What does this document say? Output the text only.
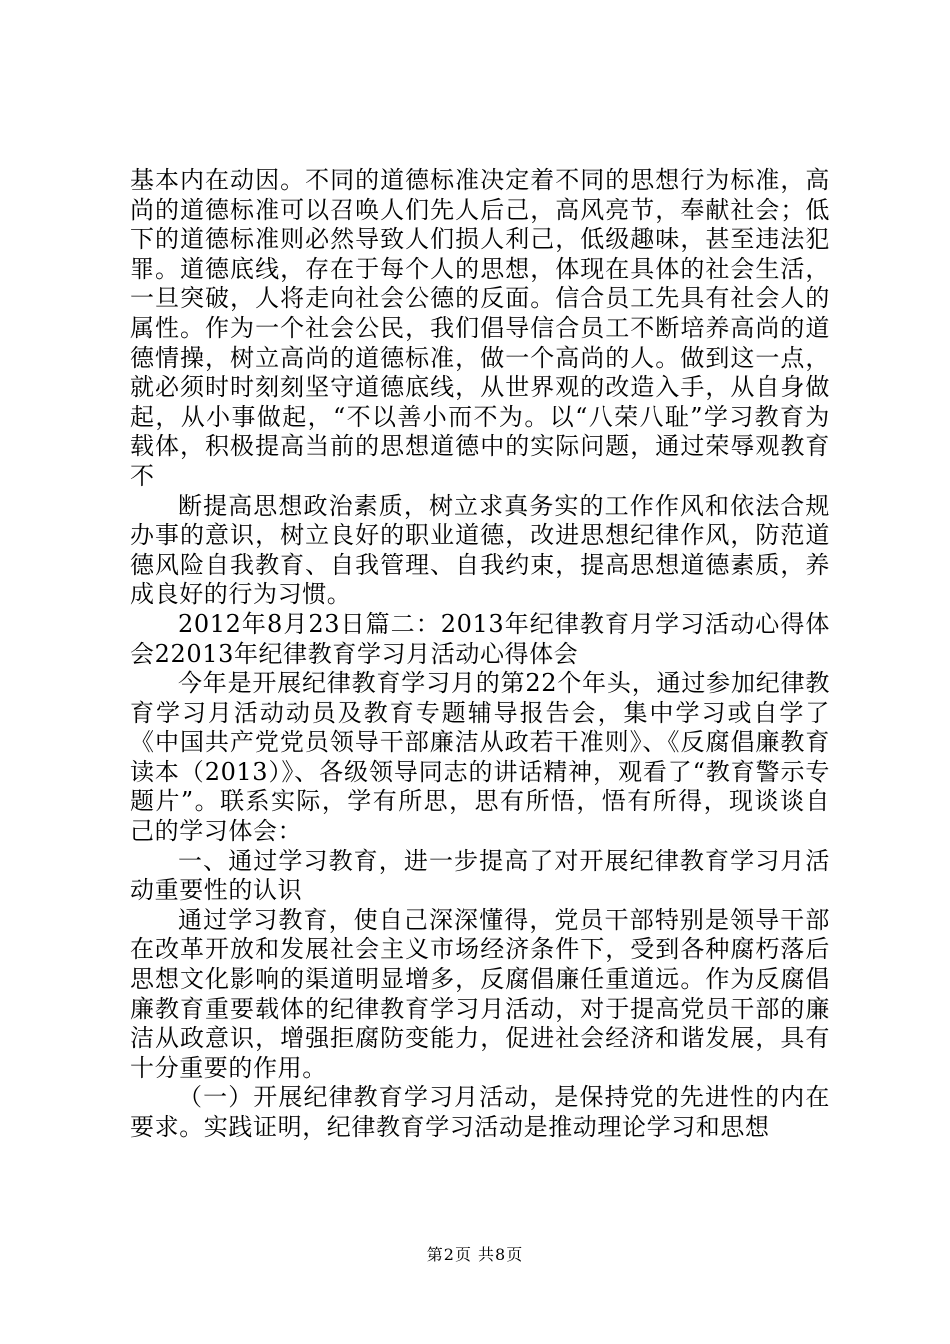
基本内在动因。不同的道德标准决定着不同的思想行为标准，高尚的道德标准可以召唤人们先人后己，高风亮节，奉献社会；低下的道德标准则必然导致人们损人利己，低级趣味，甚至违法犯罪。道德底线，存在于每个人的思想，体现在具体的社会生活，一旦突破，人将走向社会公德的反面。信合员工先具有社会人的属性。作为一个社会公民，我们倡导信合员工不断培养高尚的道德情操，树立高尚的道德标准，做一个高尚的人。做到这一点，就必须时时刻刻坚守道德底线，从世界观的改造入手，从自身做起，从小事做起，“不以善小而不为。以“八荣八耻”学习教育为载体，积极提高当前的思想道德中的实际问题，通过荣辱观教育不

断提高思想政治素质，树立求真务实的工作作风和依法合规办事的意识，树立良好的职业道德，改进思想纪律作风，防范道德风险自我教育、自我管理、自我约束，提高思想道德素质，养成良好的行为习惯。

2012年8月23日篇二：2013年纪律教育月学习活动心得体会22013年纪律教育学习月活动心得体会

今年是开展纪律教育学习月的第22个年头，通过参加纪律教育学习月活动动员及教育专题辅导报告会，集中学习或自学了《中国共产党党员领导干部廉洁从政若干准则》、《反腐倡廉教育读本（2013）》、各级领导同志的讲话精神，观看了“教育警示专题片”。联系实际，学有所思，思有所悟，悟有所得，现谈谈自己的学习体会：

一、通过学习教育，进一步提高了对开展纪律教育学习月活动重要性的认识

通过学习教育，使自己深深懂得，党员干部特别是领导干部在改革开放和发展社会主义市场经济条件下，受到各种腐朽落后思想文化影响的渠道明显增多，反腐倡廉任重道远。作为反腐倡廉教育重要载体的纪律教育学习月活动，对于提高党员干部的廉洁从政意识，增强拒腐防变能力，促进社会经济和谐发展，具有十分重要的作用。

（一）开展纪律教育学习月活动，是保持党的先进性的内在要求。实践证明，纪律教育学习活动是推动理论学习和思想

第2页 共8页
